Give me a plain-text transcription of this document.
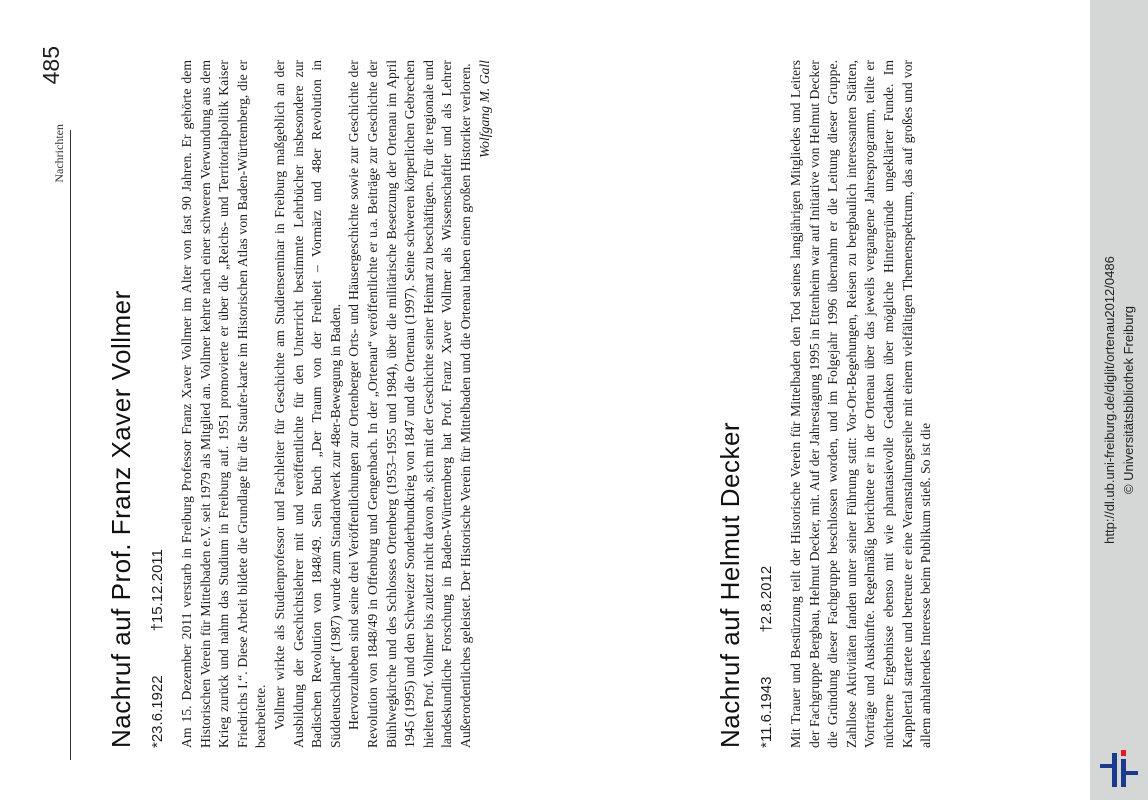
Nachrichten
485
Nachruf auf Prof. Franz Xaver Vollmer *23.6.1922†15.12.2011 Am 15. Dezember 2011 verstarb in Freiburg Professor Franz Xaver Vollmer im Alter von fast 90 Jahren. Er gehörte dem Historischen Verein für Mittelbaden e.V. seit 1979 als Mitglied an. Vollmer kehrte nach einer schweren Verwundung aus dem Krieg zurück und nahm das Studium in Freiburg auf. 1951 promovierte er über die „Reichs- und Territorialpolitik Kaiser Friedrichs I.“. Diese Arbeit bildete die Grundlage für die Staufer-karte im Historischen Atlas von Baden-Württemberg, die er bearbeitete. Vollmer wirkte als Studienprofessor und Fachleiter für Geschichte am Studienseminar in Freiburg maßgeblich an der Ausbildung der Geschichtslehrer mit und veröffentlichte für den Unterricht bestimmte Lehrbücher insbesondere zur Badischen Revolution von 1848/49. Sein Buch „Der Traum von der Freiheit – Vormärz und 48er Revolution in Süddeutschland“ (1987) wurde zum Standardwerk zur 48er-Bewegung in Baden. Hervorzuheben sind seine drei Veröffentlichungen zur Ortenberger Orts- und Häusergeschichte sowie zur Geschichte der Revolution von 1848/49 in Offenburg und Gengenbach. In der „Ortenau“ veröffentlichte er u.a. Beiträge zur Geschichte der Bühlwegkirche und des Schlosses Ortenberg (1953–1955 und 1984), über die militärische Besetzung der Ortenau im April 1945 (1995) und den Schweizer Sonderbundkrieg von 1847 und die Ortenau (1997). Seine schweren körperlichen Gebrechen hielten Prof. Vollmer bis zuletzt nicht davon ab, sich mit der Geschichte seiner Heimat zu beschäftigen. Für die regionale und landeskundliche Forschung in Baden-Württemberg hat Prof. Franz Xaver Vollmer als Wissenschaftler und als Lehrer Außerordentliches geleistet. Der Historische Verein für Mittelbaden und die Ortenau haben einen großen Historiker verloren. Wolfgang M. Gall

Nachruf auf Helmut Decker *11.6.1943†2.8.2012 Mit Trauer und Bestürzung teilt der Historische Verein für Mittelbaden den Tod seines langjährigen Mitgliedes und Leiters der Fachgruppe Bergbau, Helmut Decker, mit. Auf der Jahrestagung 1995 in Ettenheim war auf Initiative von Helmut Decker die Gründung dieser Fachgruppe beschlossen worden, und im Folgejahr 1996 übernahm er die Leitung dieser Gruppe. Zahllose Aktivitäten fanden unter seiner Führung statt: Vor-Ort-Begehungen, Reisen zu bergbaulich interessanten Stätten, Vorträge und Auskünfte. Regelmäßig berichtete er in der Ortenau über das jeweils vergangene Jahresprogramm, teilte er nüchterne Ergebnisse ebenso mit wie phantasievolle Gedanken über mögliche Hintergründe ungeklärter Funde. Im Kapplertal startete und betreute er eine Veranstaltungsreihe mit einem vielfältigen Themenspektrum, das auf großes und vor allem anhaltendes Interesse beim Publikum stieß. So ist die

http://dl.ub.uni-freiburg.de/diglit/ortenau2012/0486 © Universitätsbibliothek Freiburg
